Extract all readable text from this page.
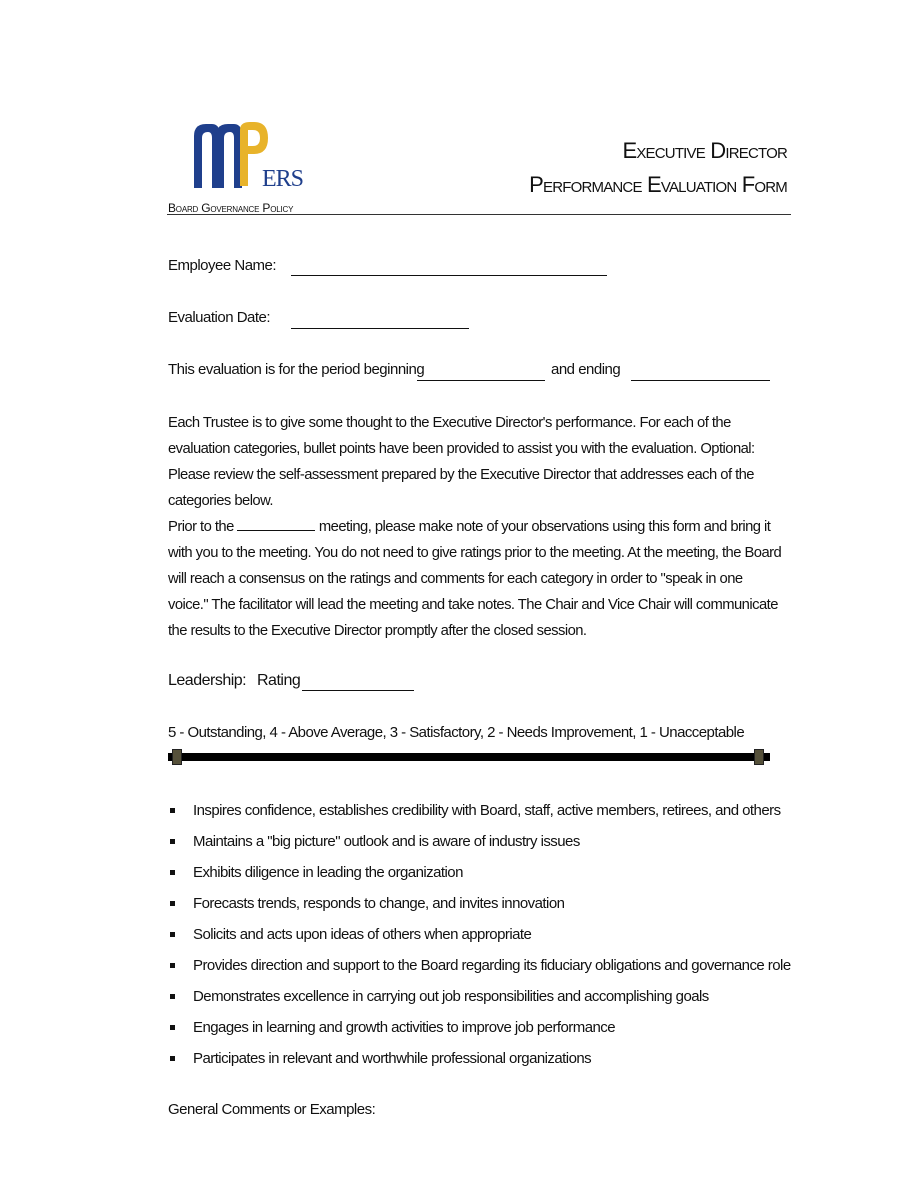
ERS
Board Governance Policy
Executive Director
Performance Evaluation Form
Employee Name:
Evaluation Date:
This evaluation is for the period beginning	and ending
Each Trustee is to give some thought to the Executive Director's performance. For each of the evaluation categories, bullet points have been provided to assist you with the evaluation. Optional: Please review the self-assessment prepared by the Executive Director that addresses each of the categories below.
Prior to the	meeting, please make note of your observations using this form and bring it with you to the meeting. You do not need to give ratings prior to the meeting. At the meeting, the Board will reach a consensus on the ratings and comments for each category in order to "speak in one voice." The facilitator will lead the meeting and take notes. The Chair and Vice Chair will communicate the results to the Executive Director promptly after the closed session.
Leadership: Rating
5 - Outstanding, 4 - Above Average, 3 - Satisfactory, 2 - Needs Improvement, 1 - Unacceptable
Inspires confidence, establishes credibility with Board, staff, active members, retirees, and others
Maintains a "big picture" outlook and is aware of industry issues
Exhibits diligence in leading the organization
Forecasts trends, responds to change, and invites innovation
Solicits and acts upon ideas of others when appropriate
Provides direction and support to the Board regarding its fiduciary obligations and governance role
Demonstrates excellence in carrying out job responsibilities and accomplishing goals
Engages in learning and growth activities to improve job performance
Participates in relevant and worthwhile professional organizations
General Comments or Examples:
